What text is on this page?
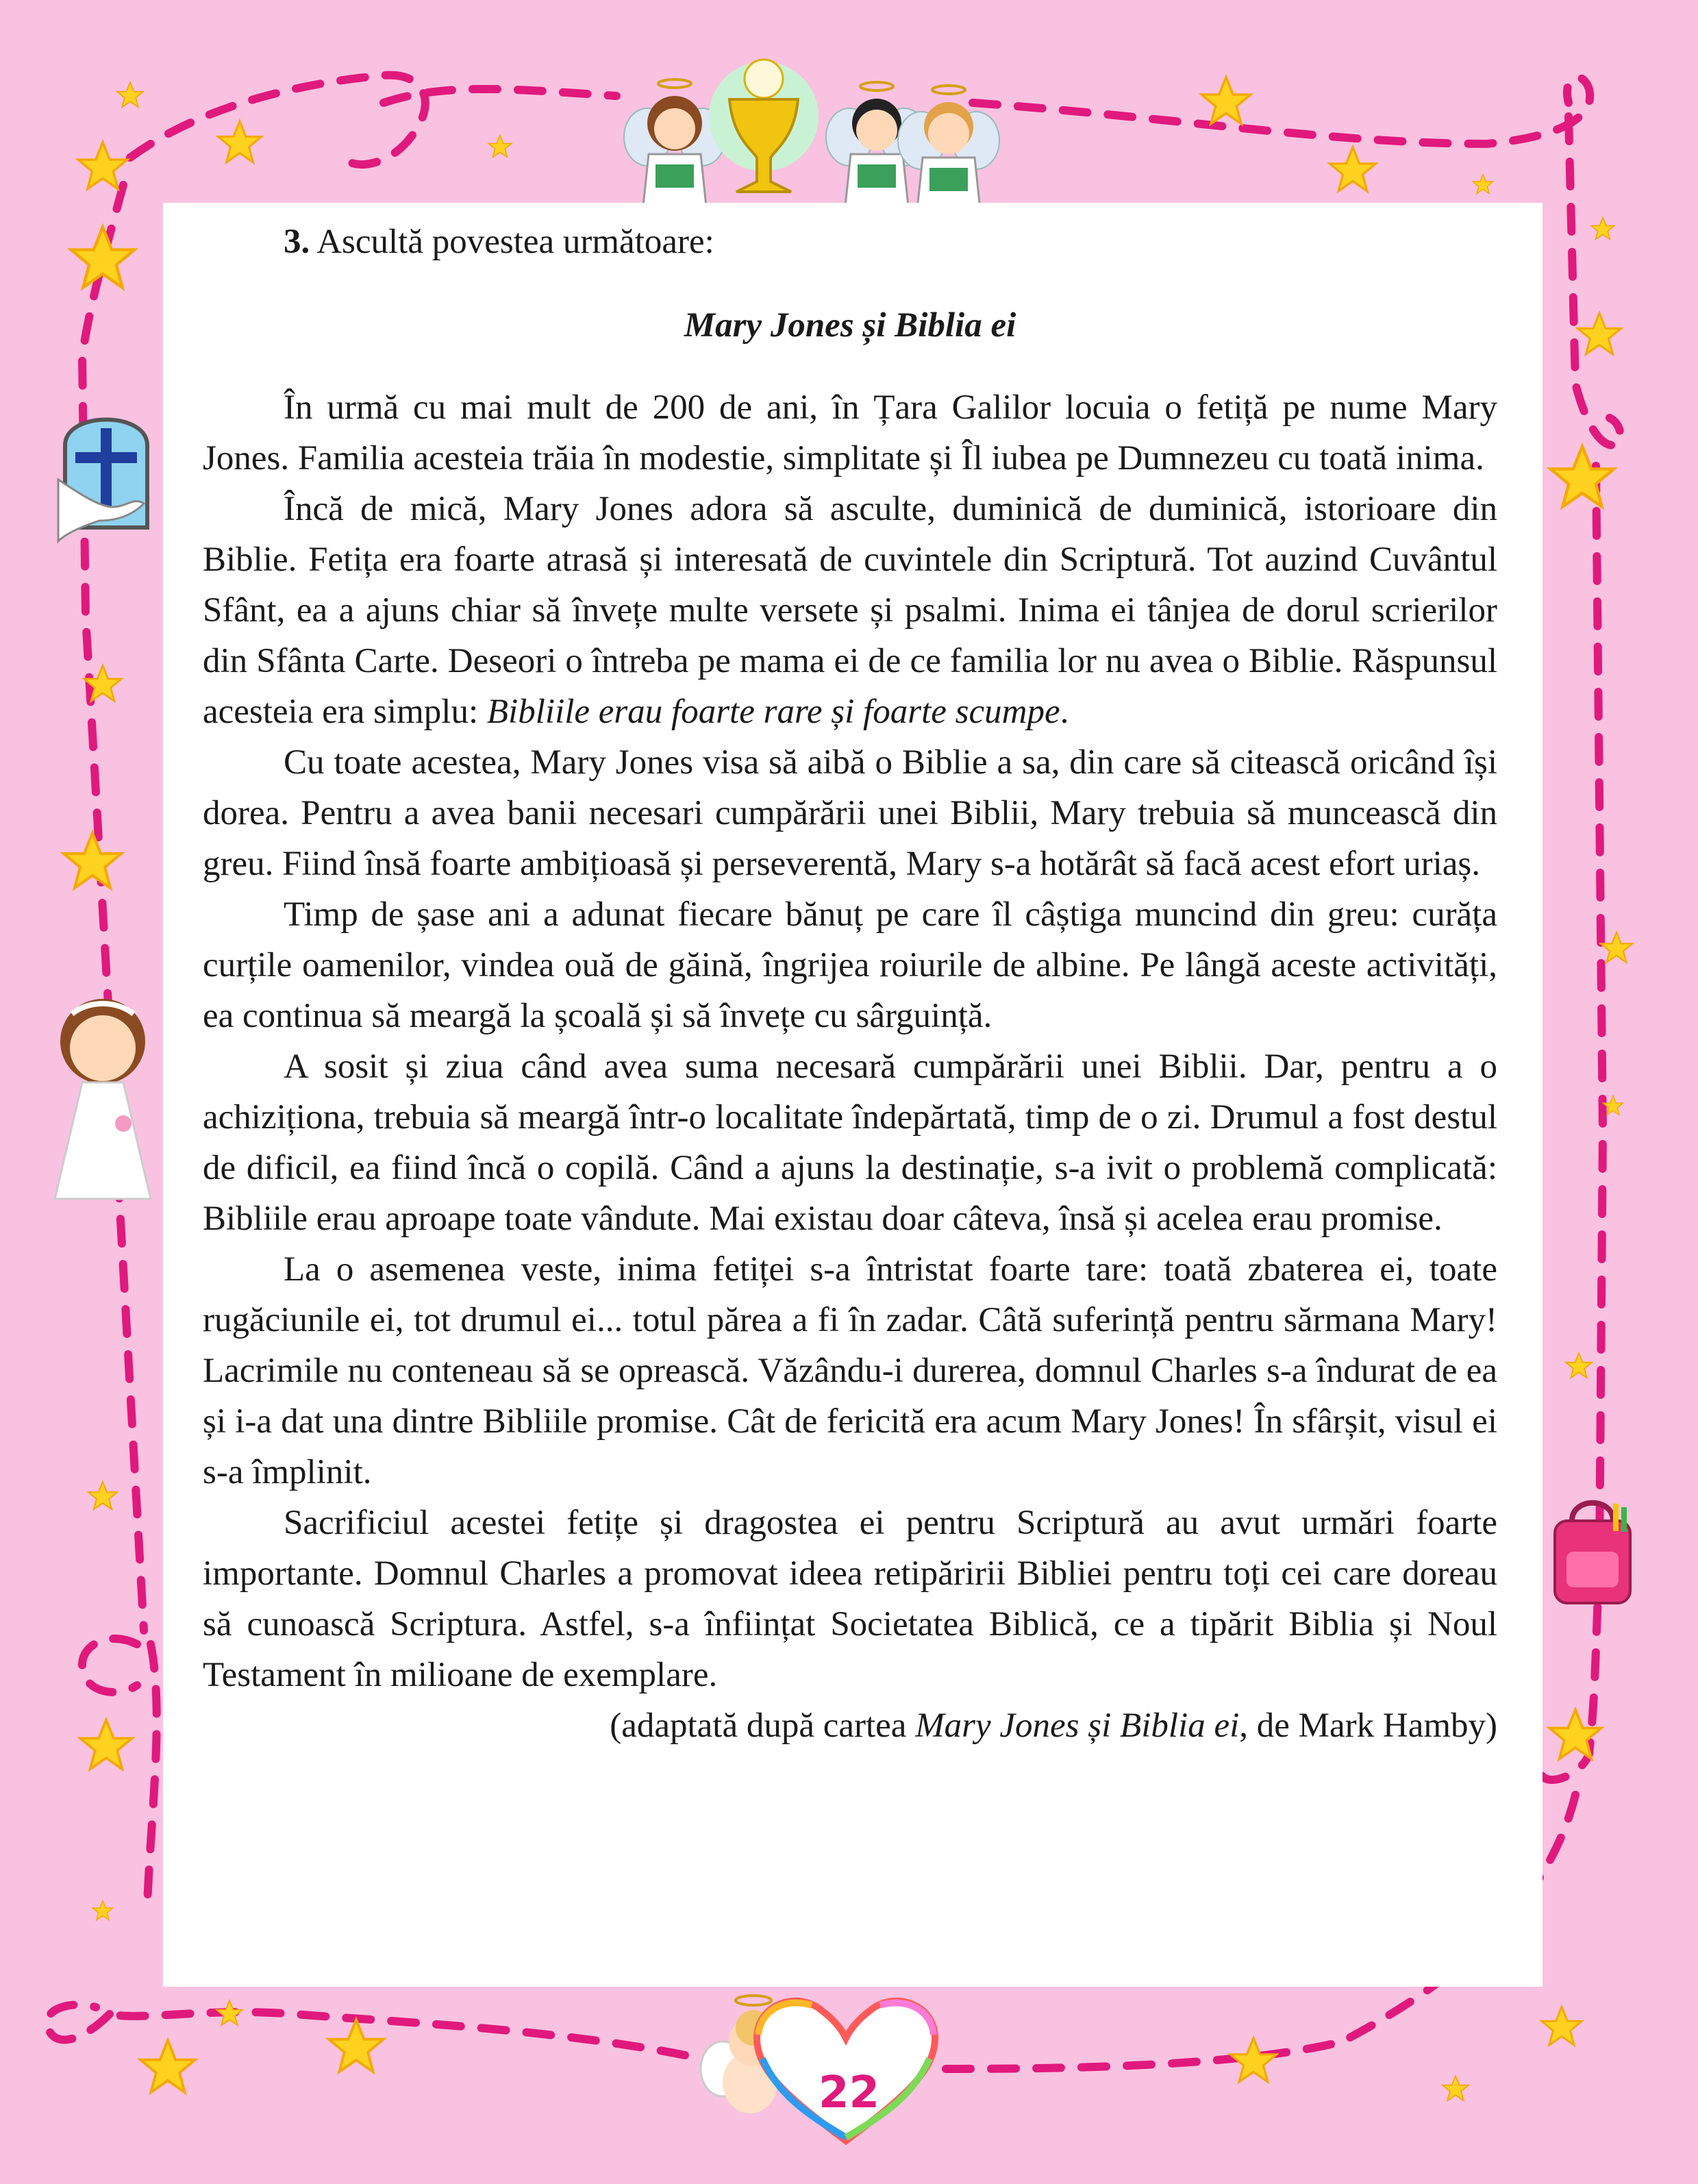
22

3. Ascultă povestea următoare:

Mary Jones și Biblia ei

În urmă cu mai mult de 200 de ani, în Țara Galilor locuia o fetiță pe nume Mary Jones. Familia acesteia trăia în modestie, simplitate și Îl iubea pe Dumnezeu cu toată inima.

Încă de mică, Mary Jones adora să asculte, duminică de duminică, istorioare din Biblie. Fetița era foarte atrasă și interesată de cuvintele din Scriptură. Tot auzind Cuvântul Sfânt, ea a ajuns chiar să învețe multe versete și psalmi. Inima ei tânjea de dorul scrierilor din Sfânta Carte. Deseori o întreba pe mama ei de ce familia lor nu avea o Biblie. Răspunsul acesteia era simplu: Bibliile erau foarte rare și foarte scumpe.

Cu toate acestea, Mary Jones visa să aibă o Biblie a sa, din care să citească oricând își dorea. Pentru a avea banii necesari cumpărării unei Biblii, Mary trebuia să muncească din greu. Fiind însă foarte ambițioasă și perseverentă, Mary s-a hotărât să facă acest efort uriaș.

Timp de șase ani a adunat fiecare bănuț pe care îl câștiga muncind din greu: curăța curțile oamenilor, vindea ouă de găină, îngrijea roiurile de albine. Pe lângă aceste activități, ea continua să meargă la școală și să învețe cu sârguință.

A sosit și ziua când avea suma necesară cumpărării unei Biblii. Dar, pentru a o achiziționa, trebuia să meargă într-o localitate îndepărtată, timp de o zi. Drumul a fost destul de dificil, ea fiind încă o copilă. Când a ajuns la destinație, s-a ivit o problemă complicată: Bibliile erau aproape toate vândute. Mai existau doar câteva, însă și acelea erau promise.

La o asemenea veste, inima fetiței s-a întristat foarte tare: toată zbaterea ei, toate rugăciunile ei, tot drumul ei... totul părea a fi în zadar. Câtă suferință pentru sărmana Mary! Lacrimile nu conteneau să se oprească. Văzându-i durerea, domnul Charles s-a îndurat de ea și i-a dat una dintre Bibliile promise. Cât de fericită era acum Mary Jones! În sfârșit, visul ei s-a împlinit.

Sacrificiul acestei fetițe și dragostea ei pentru Scriptură au avut urmări foarte importante. Domnul Charles a promovat ideea retipăririi Bibliei pentru toți cei care doreau să cunoască Scriptura. Astfel, s-a înființat Societatea Biblică, ce a tipărit Biblia și Noul Testament în milioane de exemplare.

(adaptată după cartea Mary Jones și Biblia ei, de Mark Hamby)
